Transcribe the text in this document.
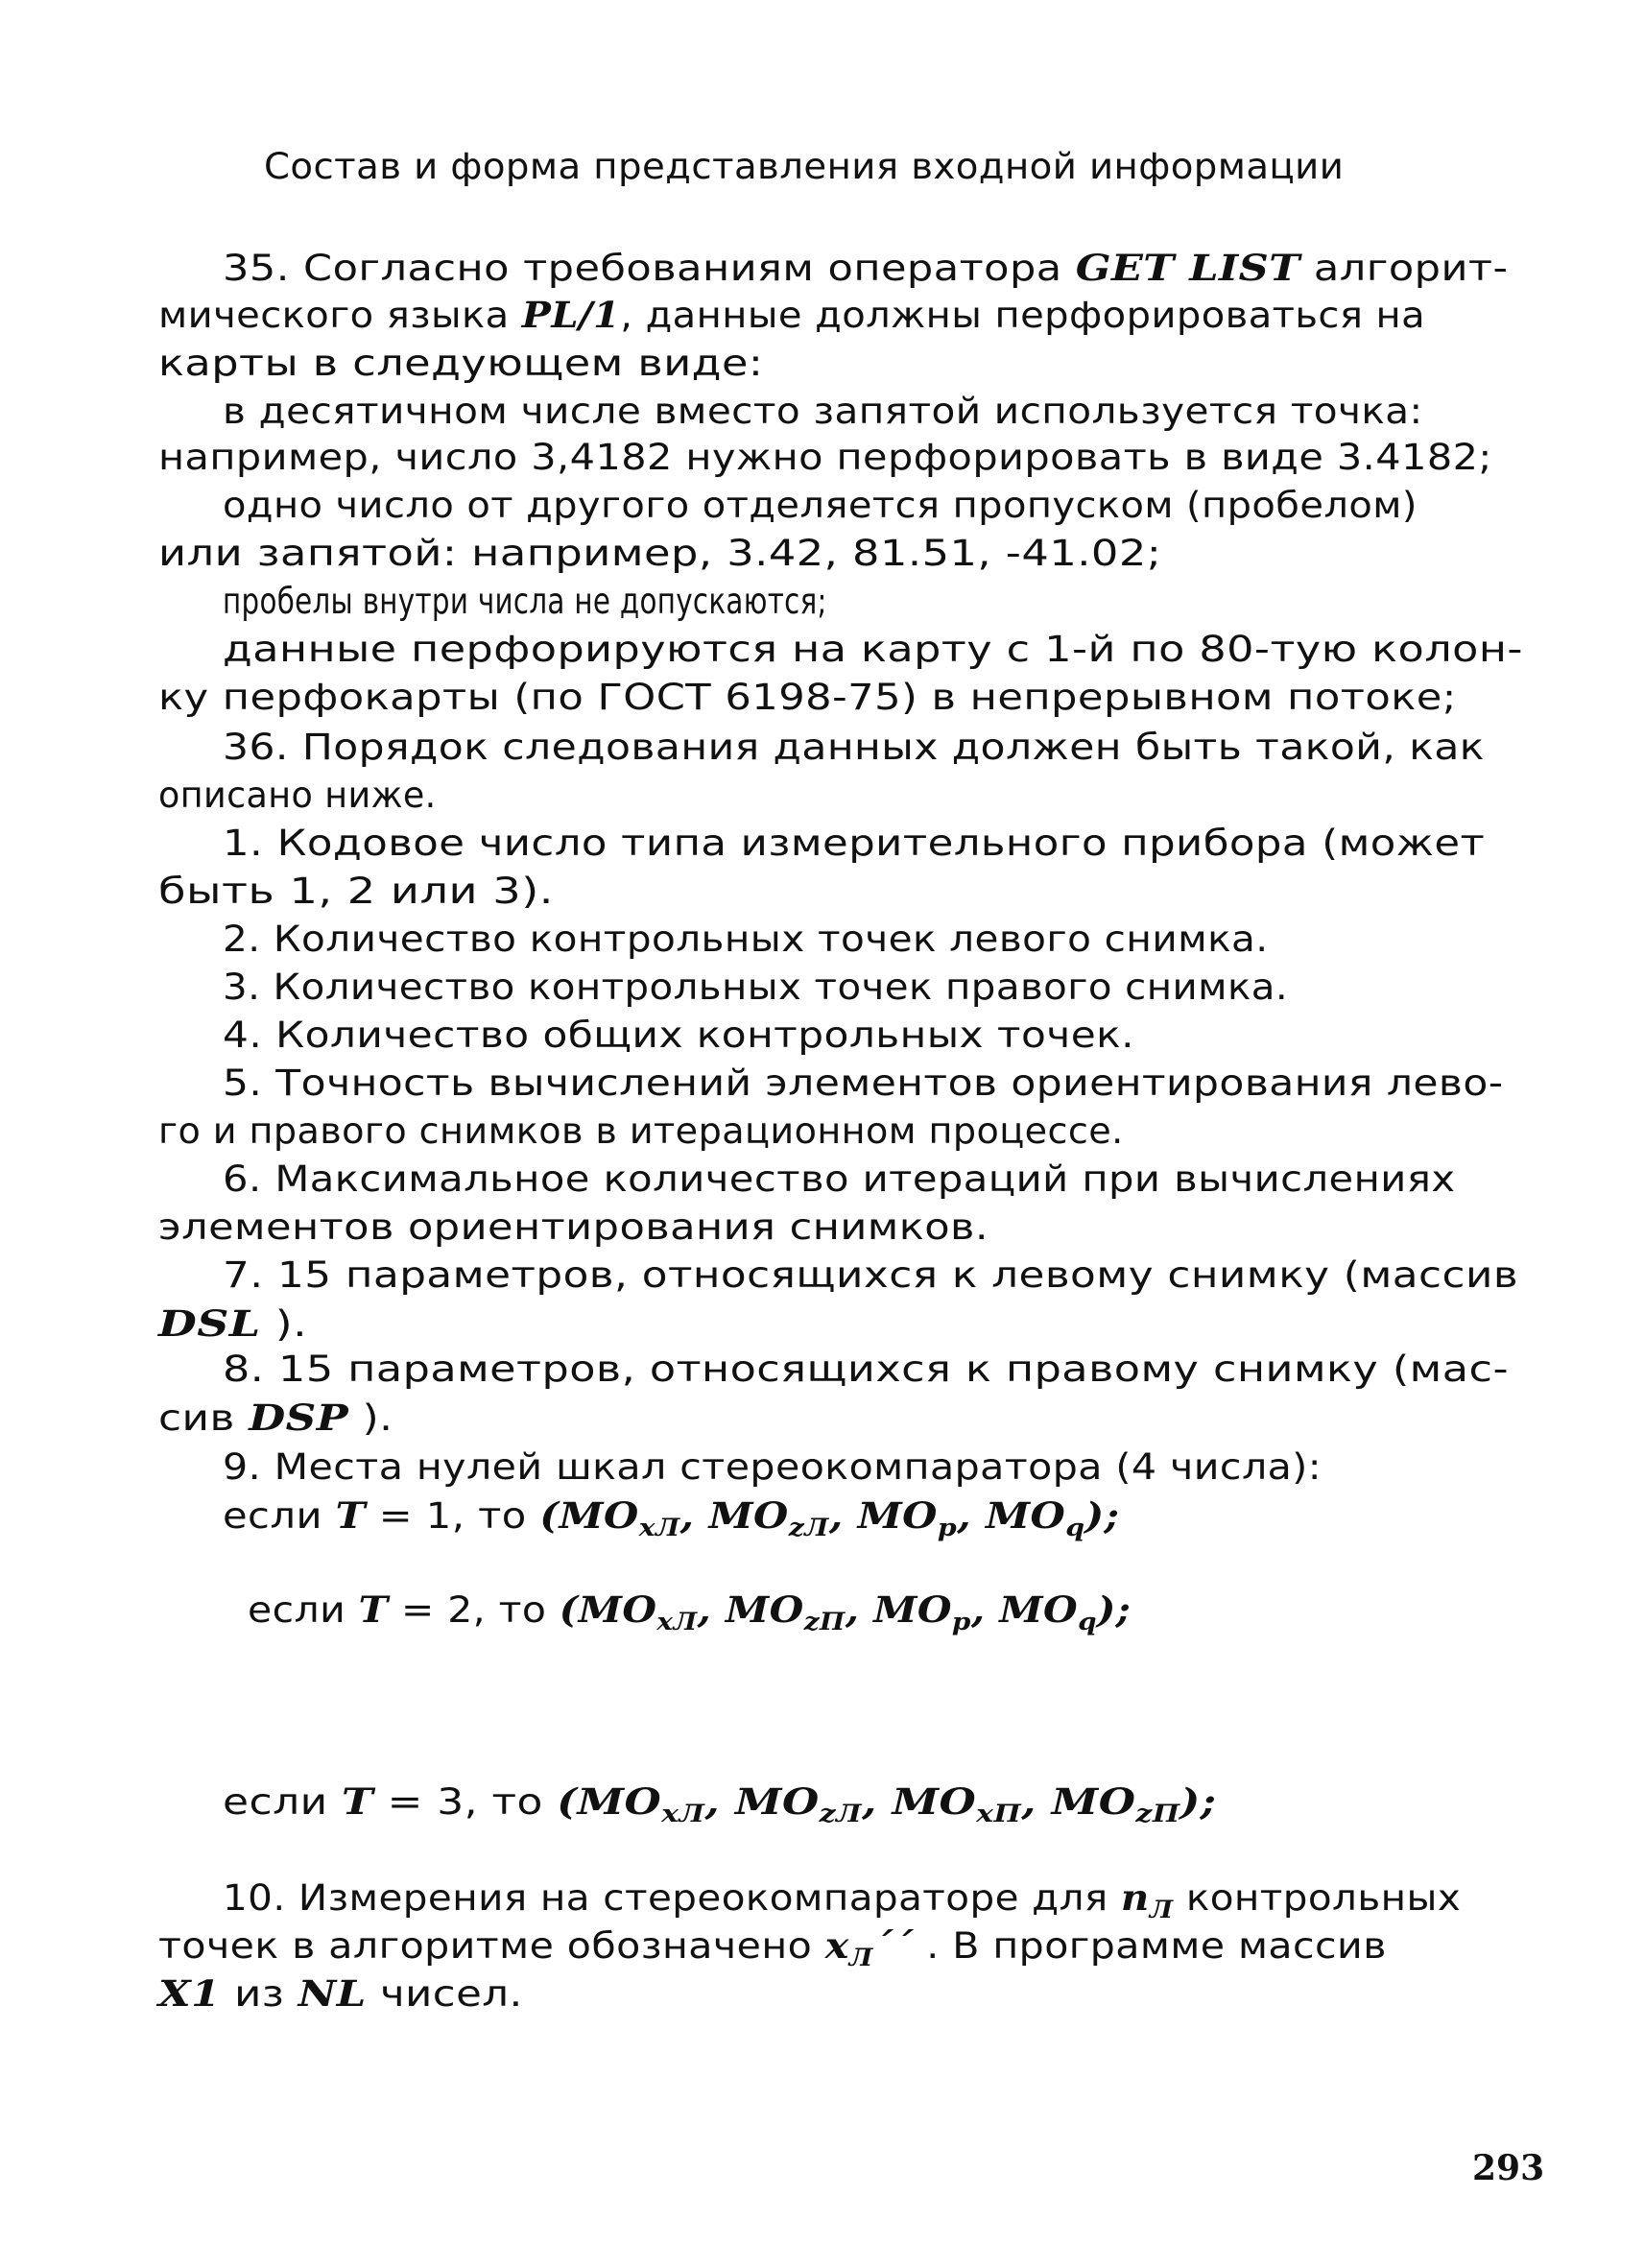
Состав и форма представления входной информации
35. Согласно требованиям оператора GET LIST алгорит-
мического языка PL/1, данные должны перфорироваться на
карты в следующем виде:
в десятичном числе вместо запятой используется точка:
например, число 3,4182 нужно перфорировать в виде 3.4182;
одно число от другого отделяется пропуском (пробелом)
или запятой: например, 3.42, 81.51, -41.02;
пробелы внутри числа не допускаются;
данные перфорируются на карту с 1-й по 80-тую колон-
ку перфокарты (по ГОСТ 6198-75) в непрерывном потоке;
36. Порядок следования данных должен быть такой, как
описано ниже.
1. Кодовое число типа измерительного прибора (может
быть 1, 2 или 3).
2. Количество контрольных точек левого снимка.
3. Количество контрольных точек правого снимка.
4. Количество общих контрольных точек.
5. Точность вычислений элементов ориентирования лево-
го и правого снимков в итерационном процессе.
6. Максимальное количество итераций при вычислениях
элементов ориентирования снимков.
7. 15 параметров, относящихся к левому снимку (массив
DSL ).
8. 15 параметров, относящихся к правому снимку (мас-
сив DSP ).
9. Места нулей шкал стереокомпаратора (4 числа):
если T = 1, то ($MO_{xЛ}$, $MO_{zЛ}$, $MO_p$, $MO_q$);
если T = 2, то ($MO_{xЛ}$, $MO_{zП}$, $MO_p$, $MO_q$);
если T = 3, то ($MO_{xЛ}$, $MO_{zЛ}$, $MO_{xП}$, $MO_{zП}$);
10. Измерения на стереокомпараторе для $n_Л$ контрольных
точек в алгоритме обозначено $x_Л´´$ . В программе массив
X1 из NL чисел.
293
